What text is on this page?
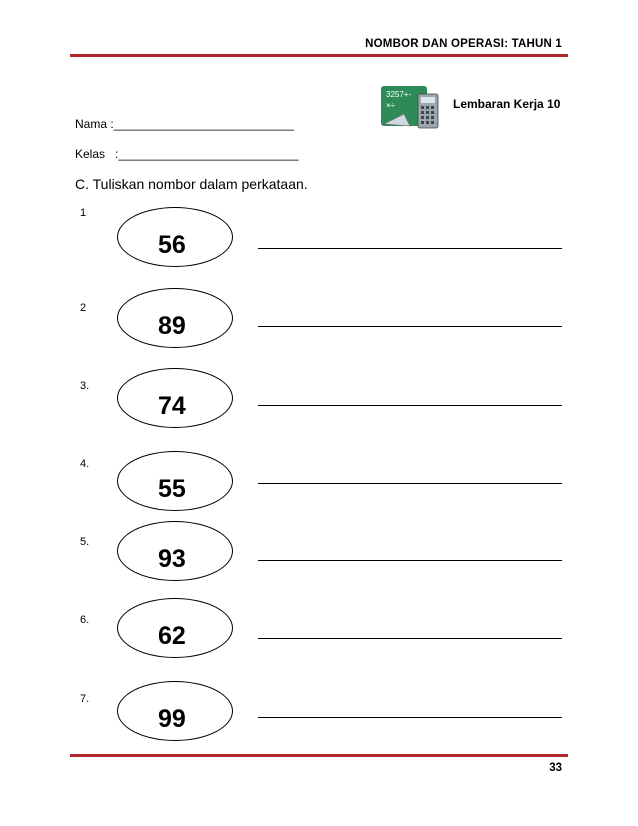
NOMBOR DAN OPERASI: TAHUN 1
3257+-
×÷	Lembaran Kerja 10
Nama :___________________________
Kelas   :___________________________
C. Tuliskan nombor dalam perkataan.
1
56
2
89
3.
74
4.
55
5.
93
6.
62
7.
99
33
